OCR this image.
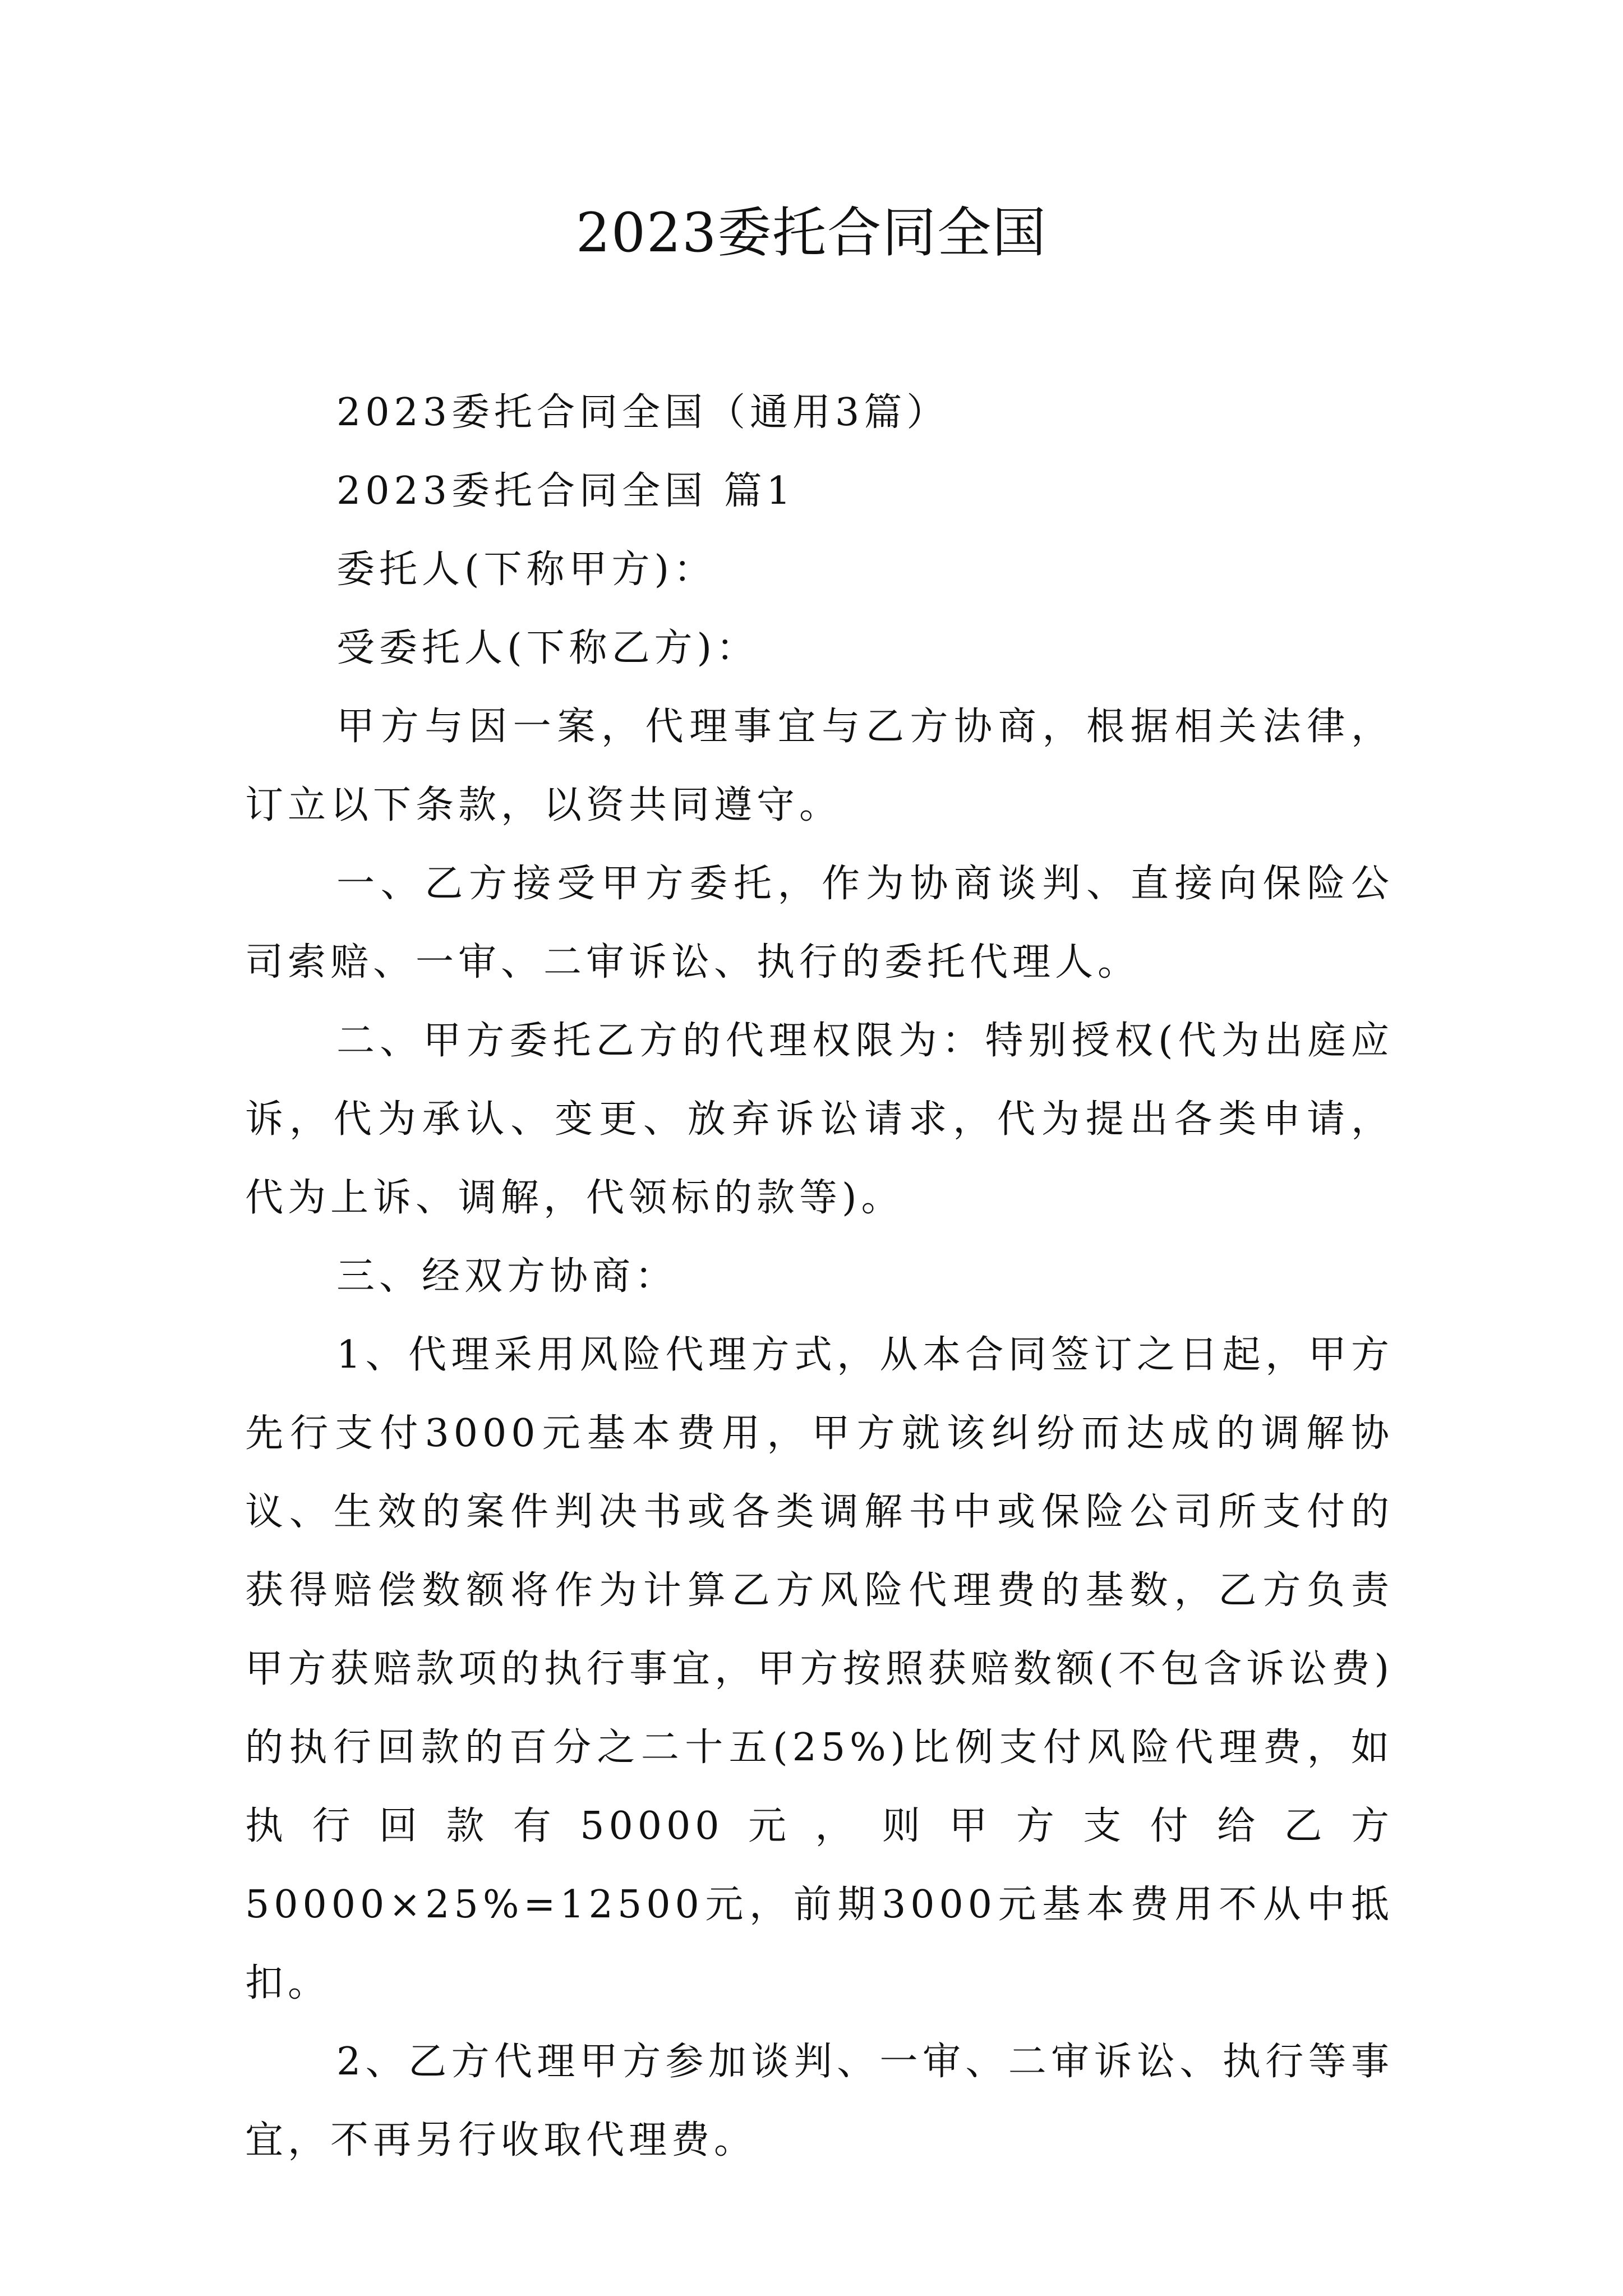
2023委托合同全国

2023委托合同全国（通用3篇）

2023委托合同全国 篇1

委托人(下称甲方)：

受委托人(下称乙方)：

甲方与因一案，代理事宜与乙方协商，根据相关法律，订立以下条款，以资共同遵守。

一、乙方接受甲方委托，作为协商谈判、直接向保险公司索赔、一审、二审诉讼、执行的委托代理人。

二、甲方委托乙方的代理权限为：特别授权(代为出庭应诉，代为承认、变更、放弃诉讼请求，代为提出各类申请，代为上诉、调解，代领标的款等)。

三、经双方协商：

1、代理采用风险代理方式，从本合同签订之日起，甲方先行支付3000元基本费用，甲方就该纠纷而达成的调解协议、生效的案件判决书或各类调解书中或保险公司所支付的获得赔偿数额将作为计算乙方风险代理费的基数，乙方负责甲方获赔款项的执行事宜，甲方按照获赔数额(不包含诉讼费)的执行回款的百分之二十五(25%)比例支付风险代理费，如执行回款有50000元，则甲方支付给乙方50000×25%=12500元，前期3000元基本费用不从中抵扣。

2、乙方代理甲方参加谈判、一审、二审诉讼、执行等事宜，不再另行收取代理费。
